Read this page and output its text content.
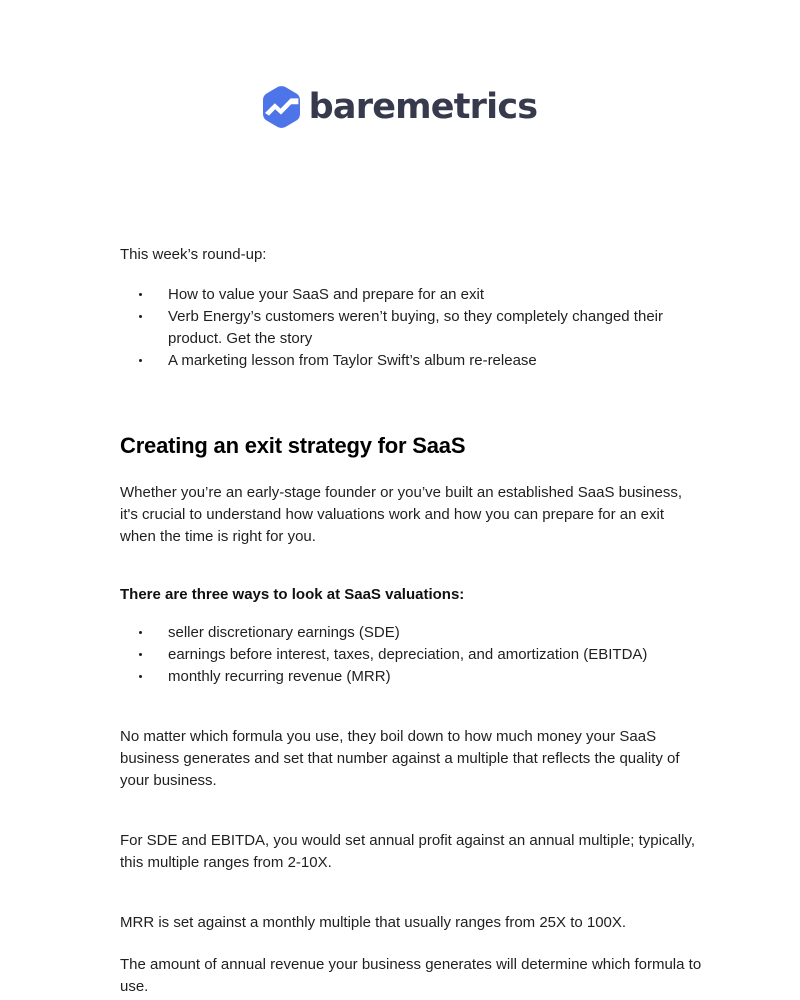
baremetrics

This week’s round-up:

How to value your SaaS and prepare for an exit
Verb Energy’s customers weren’t buying, so they completely changed their product. Get the story
A marketing lesson from Taylor Swift’s album re-release
Creating an exit strategy for SaaS

Whether you’re an early-stage founder or you’ve built an established SaaS business, it's crucial to understand how valuations work and how you can prepare for an exit when the time is right for you.

There are three ways to look at SaaS valuations:

seller discretionary earnings (SDE)
earnings before interest, taxes, depreciation, and amortization (EBITDA)
monthly recurring revenue (MRR)

No matter which formula you use, they boil down to how much money your SaaS business generates and set that number against a multiple that reflects the quality of your business.

For SDE and EBITDA, you would set annual profit against an annual multiple; typically, this multiple ranges from 2-10X.

MRR is set against a monthly multiple that usually ranges from 25X to 100X.

The amount of annual revenue your business generates will determine which formula to use.
